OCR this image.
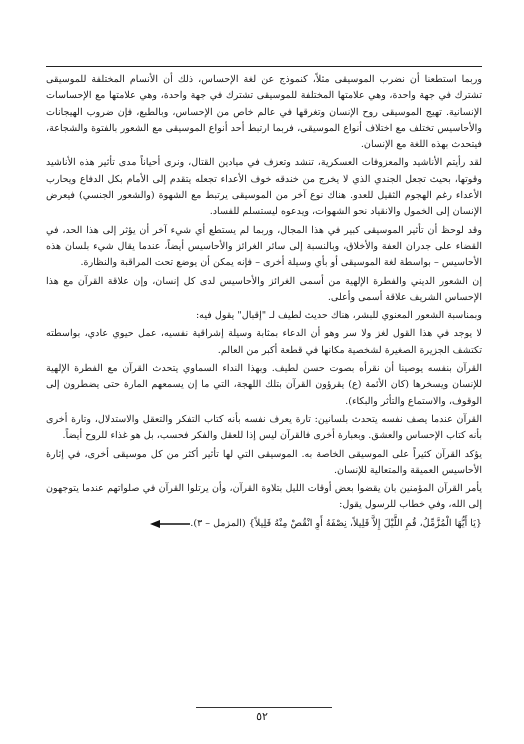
وربما استطعنا أن نضرب الموسيقى مثلاً، كنموذج عن لغة الإحساس، ذلك أن الأنسام المختلفة للموسيقى تشترك في جهة واحدة، وهي علامتها المختلفة للموسيقى تشترك في جهة واحدة، وهي علامتها مع الإحساسات الإنسانية. تهيج الموسيقى روح الإنسان وتغرقها في عالم خاص من الإحساس، وبالطبع، فإن ضروب الهيجانات والأحاسيس تختلف مع اختلاف أنواع الموسيقى، فربما ارتبط أحد أنواع الموسيقى مع الشعور بالفتوة والشجاعة، فيتحدث بهذه اللغة مع الإنسان.

لقد رأيتم الأناشيد والمعزوفات العسكرية، تنشد وتعزف في ميادين القتال، ونرى أحياناً مدى تأثير هذه الأناشيد وقوتها، بحيث تجعل الجندي الذي لا يخرج من خندقه خوف الأعداء تجعله يتقدم إلى الأمام بكل الدفاع ويحارب الأعداء رغم الهجوم الثقيل للعدو. هناك نوع آخر من الموسيقى يرتبط مع الشهوة (والشعور الجنسي) فيعرض الإنسان إلى الخمول والانقياد نحو الشهوات، ويدعوه ليستسلم للفساد.

وقد لوحظ أن تأثير الموسيقى كبير في هذا المجال، وربما لم يستطع أي شيء آخر أن يؤثر إلى هذا الحد، في القضاء على جدران العفة والأخلاق، وبالنسبة إلى سائر الغرائز والأحاسيس أيضاً، عندما يقال شيء بلسان هذه الأحاسيس – بواسطة لغة الموسيقى أو بأي وسيلة أخرى – فإنه يمكن أن يوضع تحت المراقبة والنظارة.

إن الشعور الديني والفطرة الإلهية من أسمى الغرائز والأحاسيس لدى كل إنسان، وإن علاقة القرآن مع هذا الإحساس الشريف علاقة أسمى وأعلى.

وبمناسبة الشعور المعنوي للبشر، هناك حديث لطيف لـ "إقبال" يقول فيه:

لا يوجد في هذا القول لغز ولا سر وهو أن الدعاء بمثابة وسيلة إشراقية نفسيه، عمل حيوي عادي، بواسطته تكتشف الجزيرة الصغيرة لشخصية مكانها في قطعة أكبر من العالم.

القرآن بنفسه يوصينا أن نقرأه بصوت حسن لطيف. وبهذا النداء السماوي يتحدث القرآن مع الفطرة الإلهية للإنسان ويسخرها (كان الأئمة (ع) يقرؤون القرآن بتلك اللهجة، التي ما إن يسمعهم المارة حتى يضطرون إلى الوقوف، والاستماع والتأثر والبكاء).

القرآن عندما يصف نفسه يتحدث بلسانين: تارة يعرف نفسه بأنه كتاب التفكر والتعقل والاستدلال، وتارة أخرى بأنه كتاب الإحساس والعشق. وبعبارة أخرى فالقرآن ليس إذا للعقل والفكر فحسب، بل هو غذاء للروح أيضاً.

يؤكد القرآن كثيراً على الموسيقى الخاصة به. الموسيقى التي لها تأثير أكثر من كل موسيقى أخرى، في إثارة الأحاسيس العميقة والمتعالية للإنسان.

يأمر القرآن المؤمنين بان يقضوا بعض أوقات الليل بتلاوة القرآن، وأن يرتلوا القرآن في صلواتهم عندما يتوجهون إلى الله، وفي خطاب للرسول يقول:

{يَا أَيُّهَا الْمُزَّمِّلُ، قُمِ اللَّيْلَ إِلاَّ قَلِيلاً، نِصْفَهُ أَوِ انْقُصْ مِنْهُ قَلِيلاً} (المزمل – ٣).
٥٢
